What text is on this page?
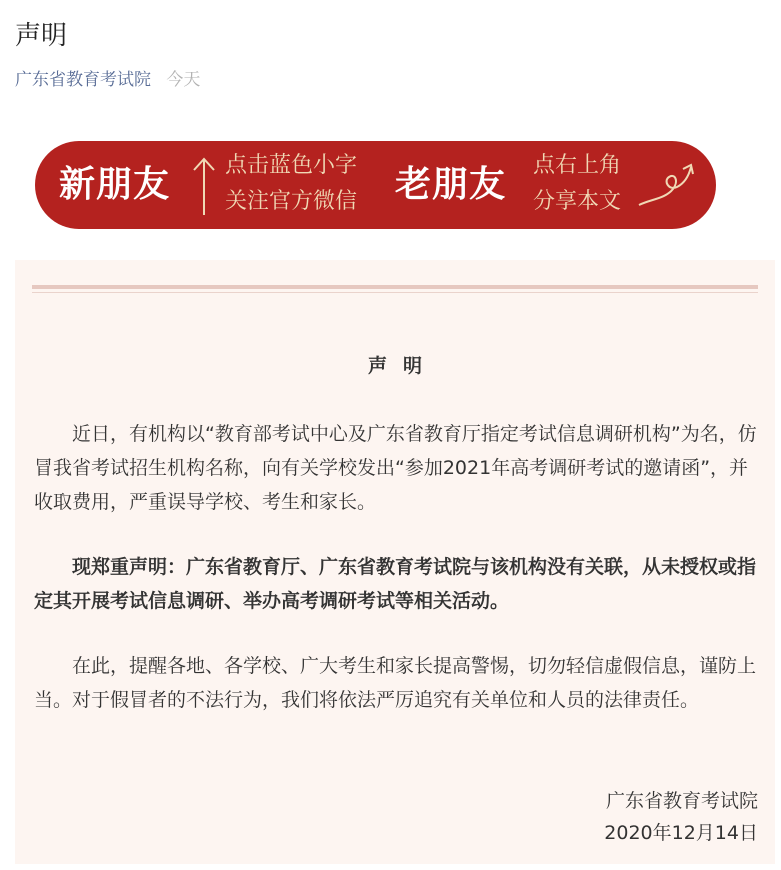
声明
广东省教育考试院 今天
新朋友 点击蓝色小字
关注官方微信 老朋友 点右上角
分享本文
声明

近日，有机构以“教育部考试中心及广东省教育厅指定考试信息调研机构”为名，仿冒我省考试招生机构名称，向有关学校发出“参加2021年高考调研考试的邀请函”，并收取费用，严重误导学校、考生和家长。

现郑重声明：广东省教育厅、广东省教育考试院与该机构没有关联，从未授权或指定其开展考试信息调研、举办高考调研考试等相关活动。

在此，提醒各地、各学校、广大考生和家长提高警惕，切勿轻信虚假信息，谨防上当。对于假冒者的不法行为，我们将依法严厉追究有关单位和人员的法律责任。

广东省教育考试院
2020年12月14日
